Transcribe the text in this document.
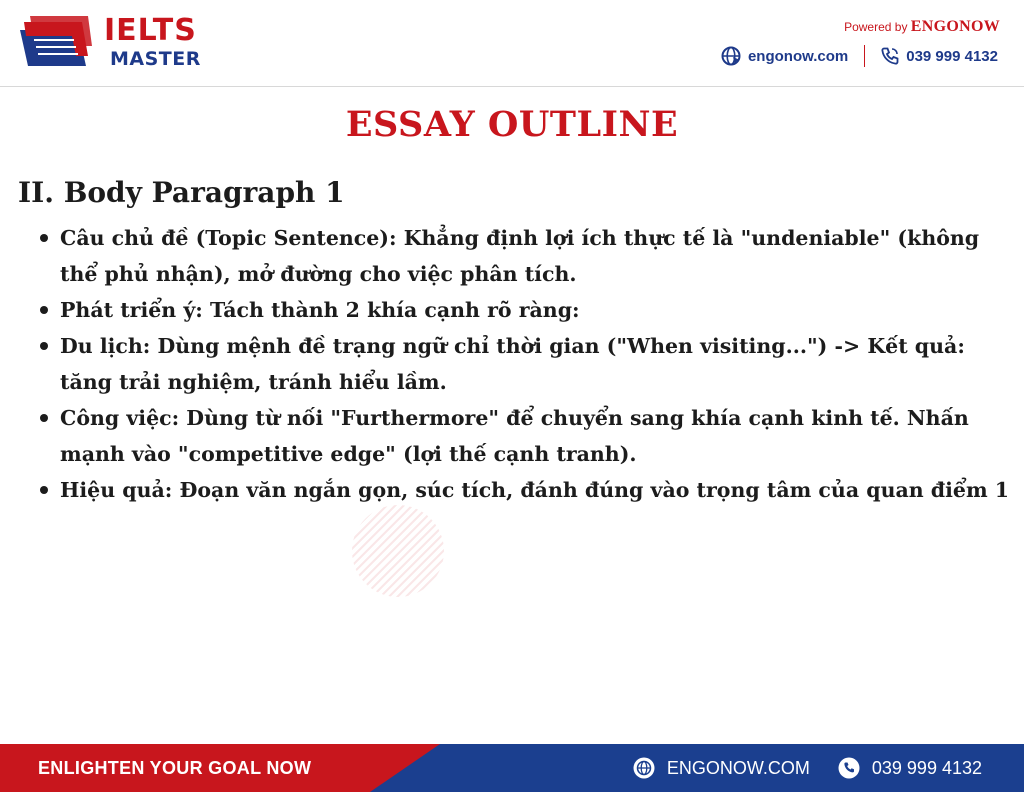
IELTS
MASTER
Powered by ENGONOW
engonow.com	039 999 4132
ESSAY OUTLINE
II. Body Paragraph 1
Câu chủ đề (Topic Sentence): Khẳng định lợi ích thực tế là "undeniable" (không thể phủ nhận), mở đường cho việc phân tích.
Phát triển ý: Tách thành 2 khía cạnh rõ ràng:
Du lịch: Dùng mệnh đề trạng ngữ chỉ thời gian ("When visiting...") -> Kết quả: tăng trải nghiệm, tránh hiểu lầm.
Công việc: Dùng từ nối "Furthermore" để chuyển sang khía cạnh kinh tế. Nhấn mạnh vào "competitive edge" (lợi thế cạnh tranh).
Hiệu quả: Đoạn văn ngắn gọn, súc tích, đánh đúng vào trọng tâm của quan điểm 1
ENLIGHTEN YOUR GOAL NOW	ENGONOW.COM	039 999 4132
